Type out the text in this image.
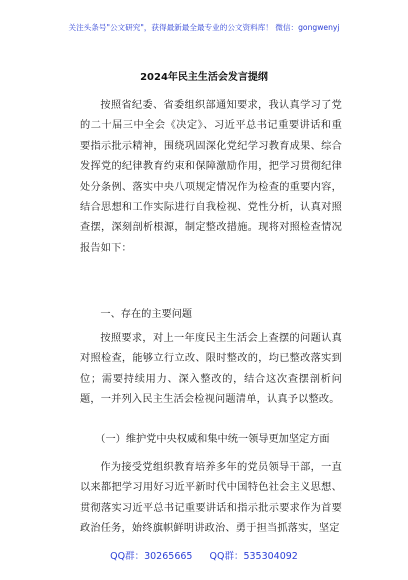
关注头条号"公文研究"，获得最新最全最专业的公文资料库！ 微信：gongwenyj
2024年民主生活会发言提纲

按照省纪委、省委组织部通知要求，我认真学习了党的二十届三中全会《决定》、习近平总书记重要讲话和重要指示批示精神，围绕巩固深化党纪学习教育成果、综合发挥党的纪律教育约束和保障激励作用，把学习贯彻纪律处分条例、落实中央八项规定情况作为检查的重要内容，结合思想和工作实际进行自我检视、党性分析，认真对照查摆，深刻剖析根源，制定整改措施。现将对照检查情况报告如下：

一、存在的主要问题

按照要求，对上一年度民主生活会上查摆的问题认真对照检查，能够立行立改、限时整改的，均已整改落实到位；需要持续用力、深入整改的，结合这次查摆剖析问题，一并列入民主生活会检视问题清单，认真予以整改。

（一）维护党中央权威和集中统一领导更加坚定方面

作为接受党组织教育培养多年的党员领导干部，一直以来都把学习用好习近平新时代中国特色社会主义思想、贯彻落实习近平总书记重要讲话和指示批示要求作为首要政治任务，始终旗帜鲜明讲政治、勇于担当抓落实，坚定

QQ群：30265665 QQ群：535304092
